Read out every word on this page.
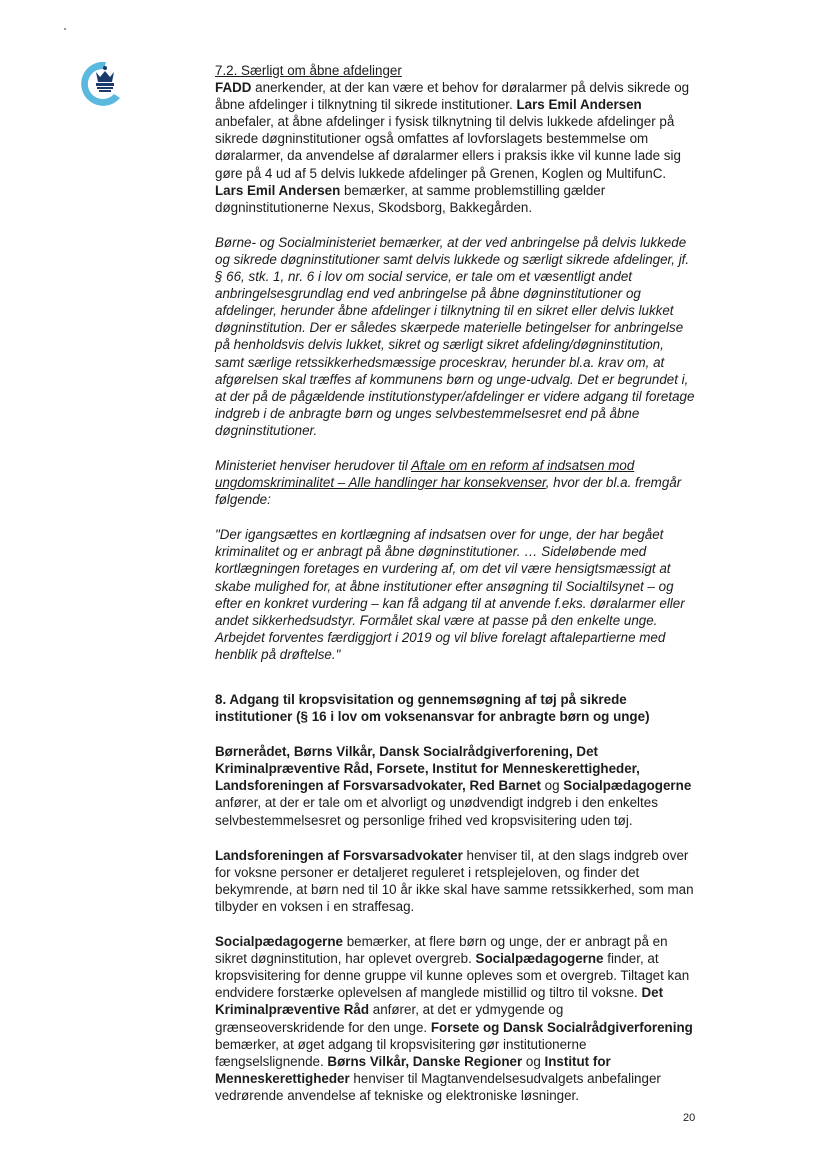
7.2. Særligt om åbne afdelinger

FADD anerkender, at der kan være et behov for døralarmer på delvis sikrede og åbne afdelinger i tilknytning til sikrede institutioner. Lars Emil Andersen anbefaler, at åbne afdelinger i fysisk tilknytning til delvis lukkede afdelinger på sikrede døgninstitutioner også omfattes af lovforslagets bestemmelse om døralarmer, da anvendelse af døralarmer ellers i praksis ikke vil kunne lade sig gøre på 4 ud af 5 delvis lukkede afdelinger på Grenen, Koglen og MultifunC. Lars Emil Andersen bemærker, at samme problemstilling gælder døgninstitutionerne Nexus, Skodsborg, Bakkegården.

Børne- og Socialministeriet bemærker, at der ved anbringelse på delvis lukkede og sikrede døgninstitutioner samt delvis lukkede og særligt sikrede afdelinger, jf. § 66, stk. 1, nr. 6 i lov om social service, er tale om et væsentligt andet anbringelsesgrundlag end ved anbringelse på åbne døgninstitutioner og afdelinger, herunder åbne afdelinger i tilknytning til en sikret eller delvis lukket døgninstitution. Der er således skærpede materielle betingelser for anbringelse på henholdsvis delvis lukket, sikret og særligt sikret afdeling/døgninstitution, samt særlige retssikkerhedsmæssige proceskrav, herunder bl.a. krav om, at afgørelsen skal træffes af kommunens børn og unge-udvalg. Det er begrundet i, at der på de pågældende institutionstyper/afdelinger er videre adgang til foretage indgreb i de anbragte børn og unges selvbestemmelsesret end på åbne døgninstitutioner.

Ministeriet henviser herudover til Aftale om en reform af indsatsen mod ungdomskriminalitet – Alle handlinger har konsekvenser, hvor der bl.a. fremgår følgende:

"Der igangsættes en kortlægning af indsatsen over for unge, der har begået kriminalitet og er anbragt på åbne døgninstitutioner. … Sideløbende med kortlægningen foretages en vurdering af, om det vil være hensigtsmæssigt at skabe mulighed for, at åbne institutioner efter ansøgning til Socialtilsynet – og efter en konkret vurdering – kan få adgang til at anvende f.eks. døralarmer eller andet sikkerhedsudstyr. Formålet skal være at passe på den enkelte unge. Arbejdet forventes færdiggjort i 2019 og vil blive forelagt aftalepartierne med henblik på drøftelse."

8. Adgang til kropsvisitation og gennemsøgning af tøj på sikrede institutioner (§ 16 i lov om voksenansvar for anbragte børn og unge)

Børnerådet, Børns Vilkår, Dansk Socialrådgiverforening, Det Kriminalpræventive Råd, Forsete, Institut for Menneskerettigheder, Landsforeningen af Forsvarsadvokater, Red Barnet og Socialpædagogerne anfører, at der er tale om et alvorligt og unødvendigt indgreb i den enkeltes selvbestemmelsesret og personlige frihed ved kropsvisitering uden tøj.

Landsforeningen af Forsvarsadvokater henviser til, at den slags indgreb over for voksne personer er detaljeret reguleret i retsplejeloven, og finder det bekymrende, at børn ned til 10 år ikke skal have samme retssikkerhed, som man tilbyder en voksen i en straffesag.

Socialpædagogerne bemærker, at flere børn og unge, der er anbragt på en sikret døgninstitution, har oplevet overgreb. Socialpædagogerne finder, at kropsvisitering for denne gruppe vil kunne opleves som et overgreb. Tiltaget kan endvidere forstærke oplevelsen af manglede mistillid og tiltro til voksne. Det Kriminalpræventive Råd anfører, at det er ydmygende og grænseoverskridende for den unge. Forsete og Dansk Socialrådgiverforening bemærker, at øget adgang til kropsvisitering gør institutionerne fængselslignende. Børns Vilkår, Danske Regioner og Institut for Menneskerettigheder henviser til Magtanvendelsesudvalgets anbefalinger vedrørende anvendelse af tekniske og elektroniske løsninger.

20
